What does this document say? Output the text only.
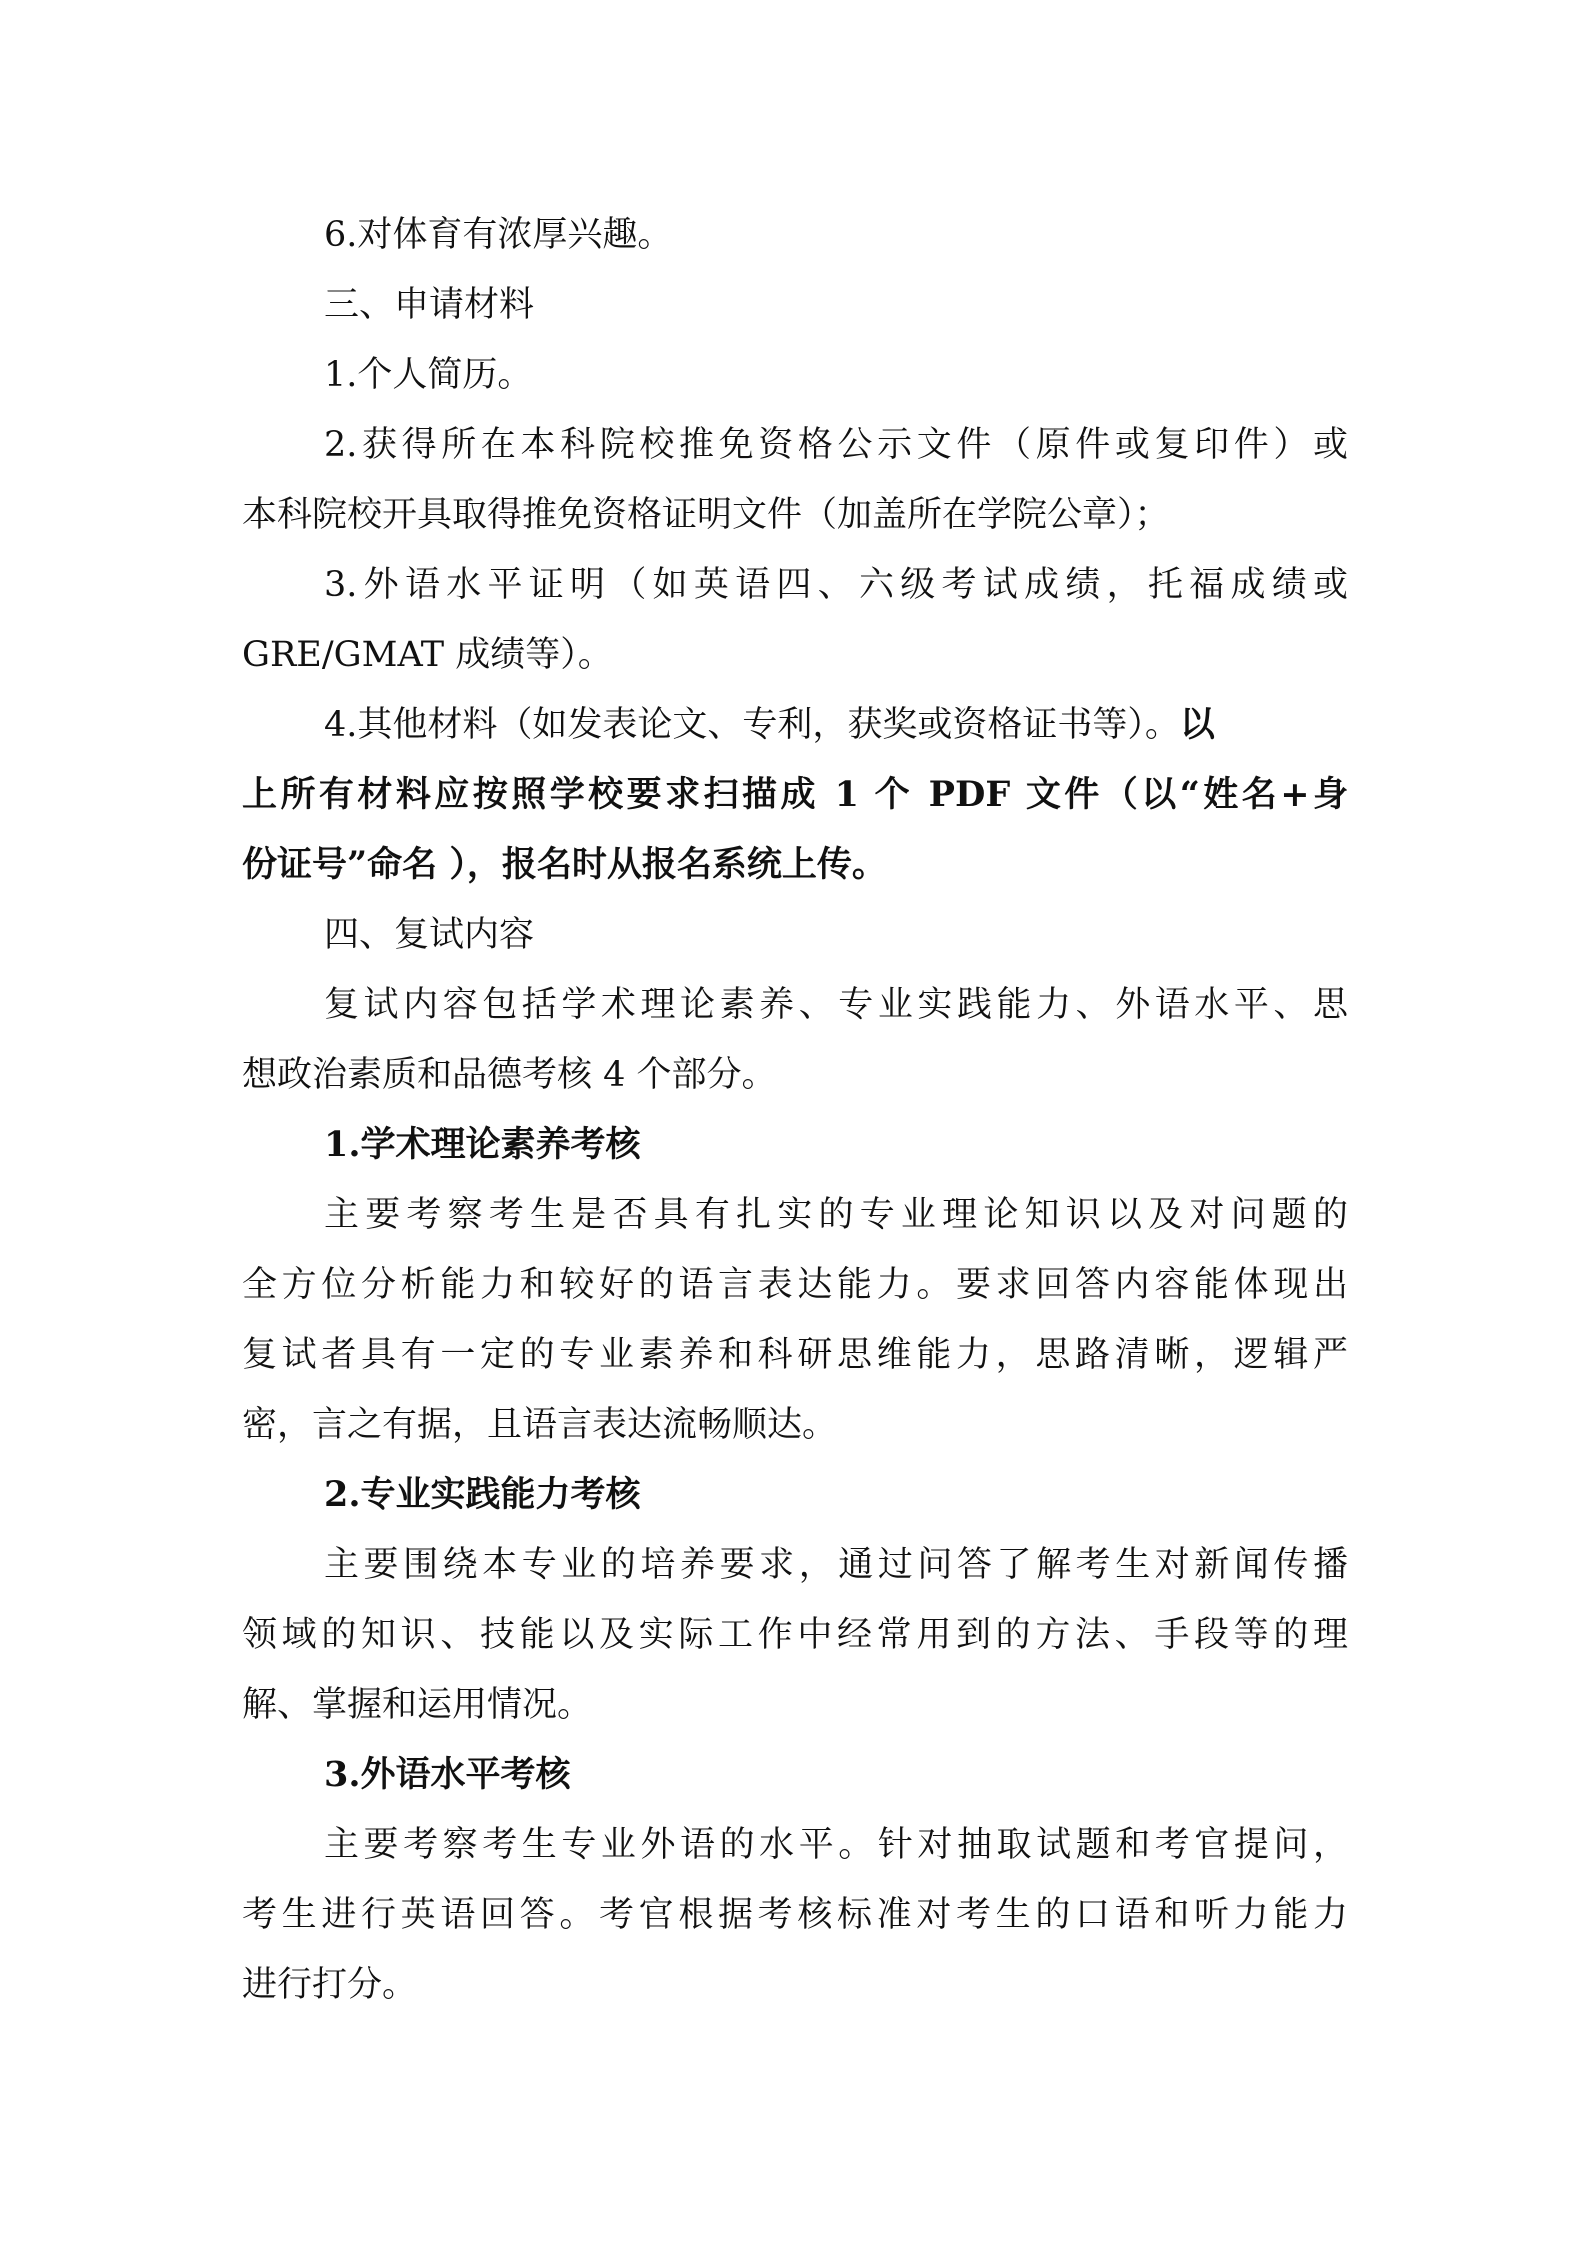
6.对体育有浓厚兴趣。
三、申请材料
1.个人简历。
2.获得所在本科院校推免资格公示文件（原件或复印件）或
本科院校开具取得推免资格证明文件（加盖所在学院公章）；
3.外语水平证明（如英语四、六级考试成绩，托福成绩或
GRE/GMAT 成绩等）。
4.其他材料（如发表论文、专利，获奖或资格证书等）。以
上所有材料应按照学校要求扫描成 1 个 PDF 文件（以“姓名+身
份证号”命名 ），报名时从报名系统上传。
四、复试内容
复试内容包括学术理论素养、专业实践能力、外语水平、思
想政治素质和品德考核 4 个部分。
1.学术理论素养考核
主要考察考生是否具有扎实的专业理论知识以及对问题的
全方位分析能力和较好的语言表达能力。要求回答内容能体现出
复试者具有一定的专业素养和科研思维能力，思路清晰，逻辑严
密，言之有据，且语言表达流畅顺达。
2.专业实践能力考核
主要围绕本专业的培养要求，通过问答了解考生对新闻传播
领域的知识、技能以及实际工作中经常用到的方法、手段等的理
解、掌握和运用情况。
3.外语水平考核
主要考察考生专业外语的水平。针对抽取试题和考官提问，
考生进行英语回答。考官根据考核标准对考生的口语和听力能力
进行打分。
